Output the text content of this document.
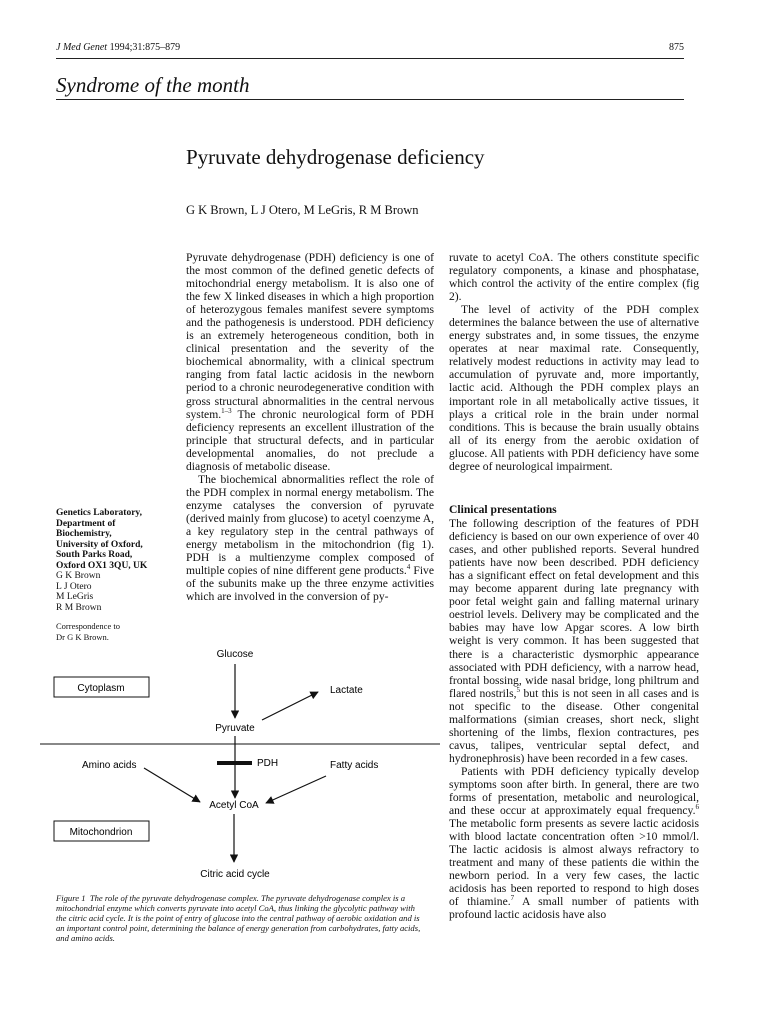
J Med Genet 1994;31:875–879	875
Syndrome of the month
Pyruvate dehydrogenase deficiency
G K Brown, L J Otero, M LeGris, R M Brown

Pyruvate dehydrogenase (PDH) deficiency is one of the most common of the defined genetic defects of mitochondrial energy metabolism. It is also one of the few X linked diseases in which a high proportion of heterozygous females manifest severe symptoms and the pathogenesis is understood. PDH deficiency is an extremely heterogeneous condition, both in clinical presentation and the severity of the biochemical abnormality, with a clinical spectrum ranging from fatal lactic acidosis in the newborn period to a chronic neurodegenerative condition with gross structural abnormalities in the central nervous system.$^{1-3}$ The chronic neurological form of PDH deficiency represents an excellent illustration of the principle that structural defects, and in particular developmental anomalies, do not preclude a diagnosis of metabolic disease.

The biochemical abnormalities reflect the role of the PDH complex in normal energy metabolism. The enzyme catalyses the conversion of pyruvate (derived mainly from glucose) to acetyl coenzyme A, a key regulatory step in the central pathways of energy metabolism in the mitochondrion (fig 1). PDH is a multienzyme complex composed of multiple copies of nine different gene products.$^4$ Five of the subunits make up the three enzyme activities which are involved in the conversion of py-

ruvate to acetyl CoA. The others constitute specific regulatory components, a kinase and phosphatase, which control the activity of the entire complex (fig 2).

The level of activity of the PDH complex determines the balance between the use of alternative energy substrates and, in some tissues, the enzyme operates at near maximal rate. Consequently, relatively modest reductions in activity may lead to accumulation of pyruvate and, more importantly, lactic acid. Although the PDH complex plays an important role in all metabolically active tissues, it plays a critical role in the brain under normal conditions. This is because the brain usually obtains all of its energy from the aerobic oxidation of glucose. All patients with PDH deficiency have some degree of neurological impairment.

Clinical presentations

The following description of the features of PDH deficiency is based on our own experience of over 40 cases, and other published reports. Several hundred patients have now been described. PDH deficiency has a significant effect on fetal development and this may become apparent during late pregnancy with poor fetal weight gain and falling maternal urinary oestriol levels. Delivery may be complicated and the babies may have low Apgar scores. A low birth weight is very common. It has been suggested that there is a characteristic dysmorphic appearance associated with PDH deficiency, with a narrow head, frontal bossing, wide nasal bridge, long philtrum and flared nostrils,$^5$ but this is not seen in all cases and is not specific to the disease. Other congenital malformations (simian creases, short neck, slight shortening of the limbs, flexion contractures, pes cavus, talipes, ventricular septal defect, and hydronephrosis) have been recorded in a few cases.

Patients with PDH deficiency typically develop symptoms soon after birth. In general, there are two forms of presentation, metabolic and neurological, and these occur at approximately equal frequency.$^6$ The metabolic form presents as severe lactic acidosis with blood lactate concentration often >10 mmol/l. The lactic acidosis is almost always refractory to treatment and many of these patients die within the newborn period. In a very few cases, the lactic acidosis has been reported to respond to high doses of thiamine.$^7$ A small number of patients with profound lactic acidosis have also

Genetics Laboratory,
Department of
Biochemistry,
University of Oxford,
South Parks Road,
Oxford OX1 3QU, UK
G K Brown
L J Otero
M LeGris
R M Brown
Correspondence to
Dr G K Brown.
Glucose
Cytoplasm	Lactate
Pyruvate
PDH
Amino acids	Fatty acids
Acetyl CoA
Mitochondrion
Citric acid cycle
Figure 1 The role of the pyruvate dehydrogenase complex. The pyruvate dehydrogenase complex is a mitochondrial enzyme which converts pyruvate into acetyl CoA, thus linking the glycolytic pathway with the citric acid cycle. It is the point of entry of glucose into the central pathway of aerobic oxidation and is an important control point, determining the balance of energy generation from carbohydrates, fatty acids, and amino acids.
